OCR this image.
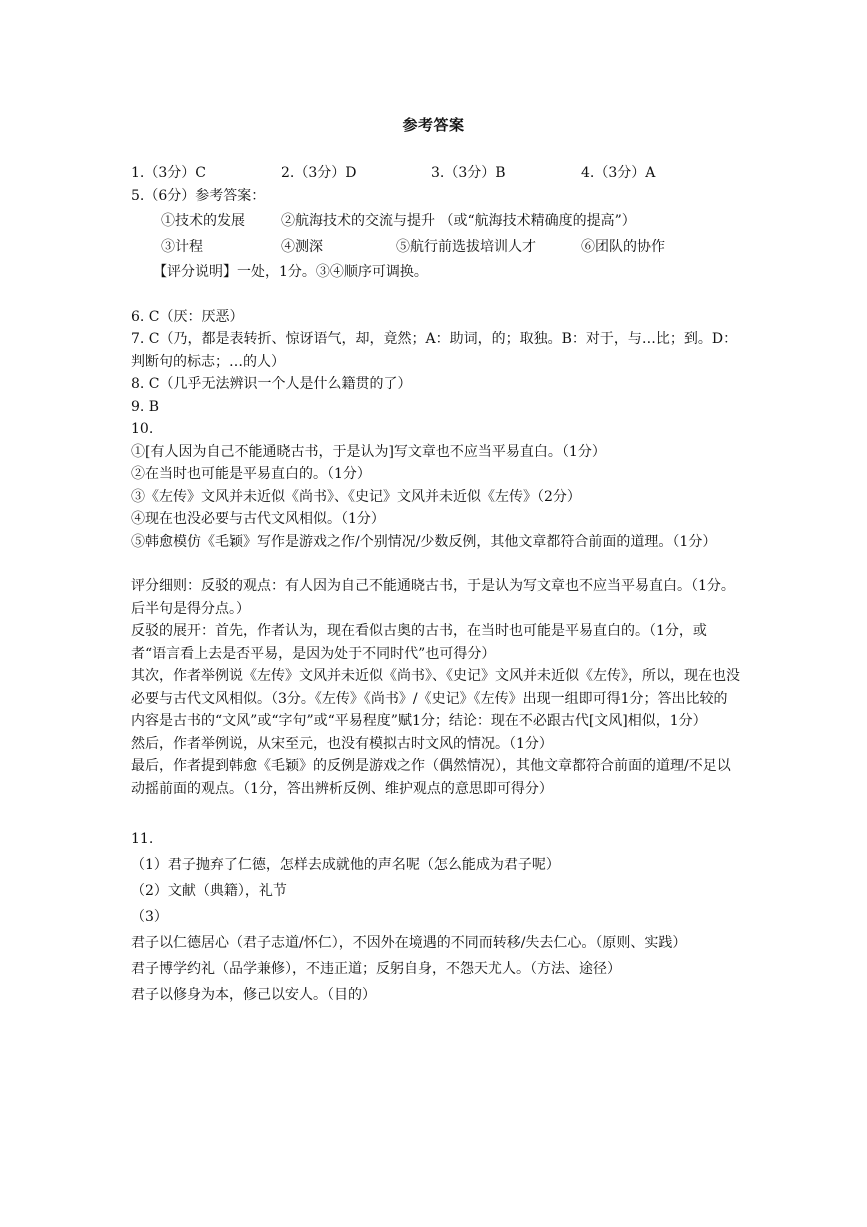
参考答案
1.（3分）C	2.（3分）D	3.（3分）B	4.（3分）A
5.（6分）参考答案：
①技术的发展	②航海技术的交流与提升 （或“航海技术精确度的提高”）
③计程	④测深	⑤航行前选拔培训人才	⑥团队的协作
【评分说明】一处，1分。③④顺序可调换。
6. C（厌：厌恶）
7. C（乃，都是表转折、惊讶语气，却，竟然；A：助词，的；取独。B：对于，与…比；到。D：判断句的标志；…的人）
8. C（几乎无法辨识一个人是什么籍贯的了）
9. B
10.
①[有人因为自己不能通晓古书，于是认为]写文章也不应当平易直白。（1分）
②在当时也可能是平易直白的。（1分）
③《左传》文风并未近似《尚书》、《史记》文风并未近似《左传》（2分）
④现在也没必要与古代文风相似。（1分）
⑤韩愈模仿《毛颖》写作是游戏之作/个别情况/少数反例，其他文章都符合前面的道理。（1分）
评分细则：反驳的观点：有人因为自己不能通晓古书，于是认为写文章也不应当平易直白。（1分。后半句是得分点。）
反驳的展开：首先，作者认为，现在看似古奥的古书，在当时也可能是平易直白的。（1分，或者“语言看上去是否平易，是因为处于不同时代”也可得分）
其次，作者举例说《左传》文风并未近似《尚书》、《史记》文风并未近似《左传》，所以，现在也没必要与古代文风相似。（3分。《左传》《尚书》/《史记》《左传》出现一组即可得1分；答出比较的内容是古书的“文风”或“字句”或“平易程度”赋1分；结论：现在不必跟古代[文风]相似，1分）
然后，作者举例说，从宋至元，也没有模拟古时文风的情况。（1分）
最后，作者提到韩愈《毛颖》的反例是游戏之作（偶然情况），其他文章都符合前面的道理/不足以动摇前面的观点。（1分，答出辨析反例、维护观点的意思即可得分）
11.
（1）君子抛弃了仁德，怎样去成就他的声名呢（怎么能成为君子呢）
（2）文献（典籍），礼节
（3）
君子以仁德居心（君子志道/怀仁），不因外在境遇的不同而转移/失去仁心。（原则、实践）
君子博学约礼（品学兼修），不违正道；反躬自身，不怨天尤人。（方法、途径）
君子以修身为本，修己以安人。（目的）
